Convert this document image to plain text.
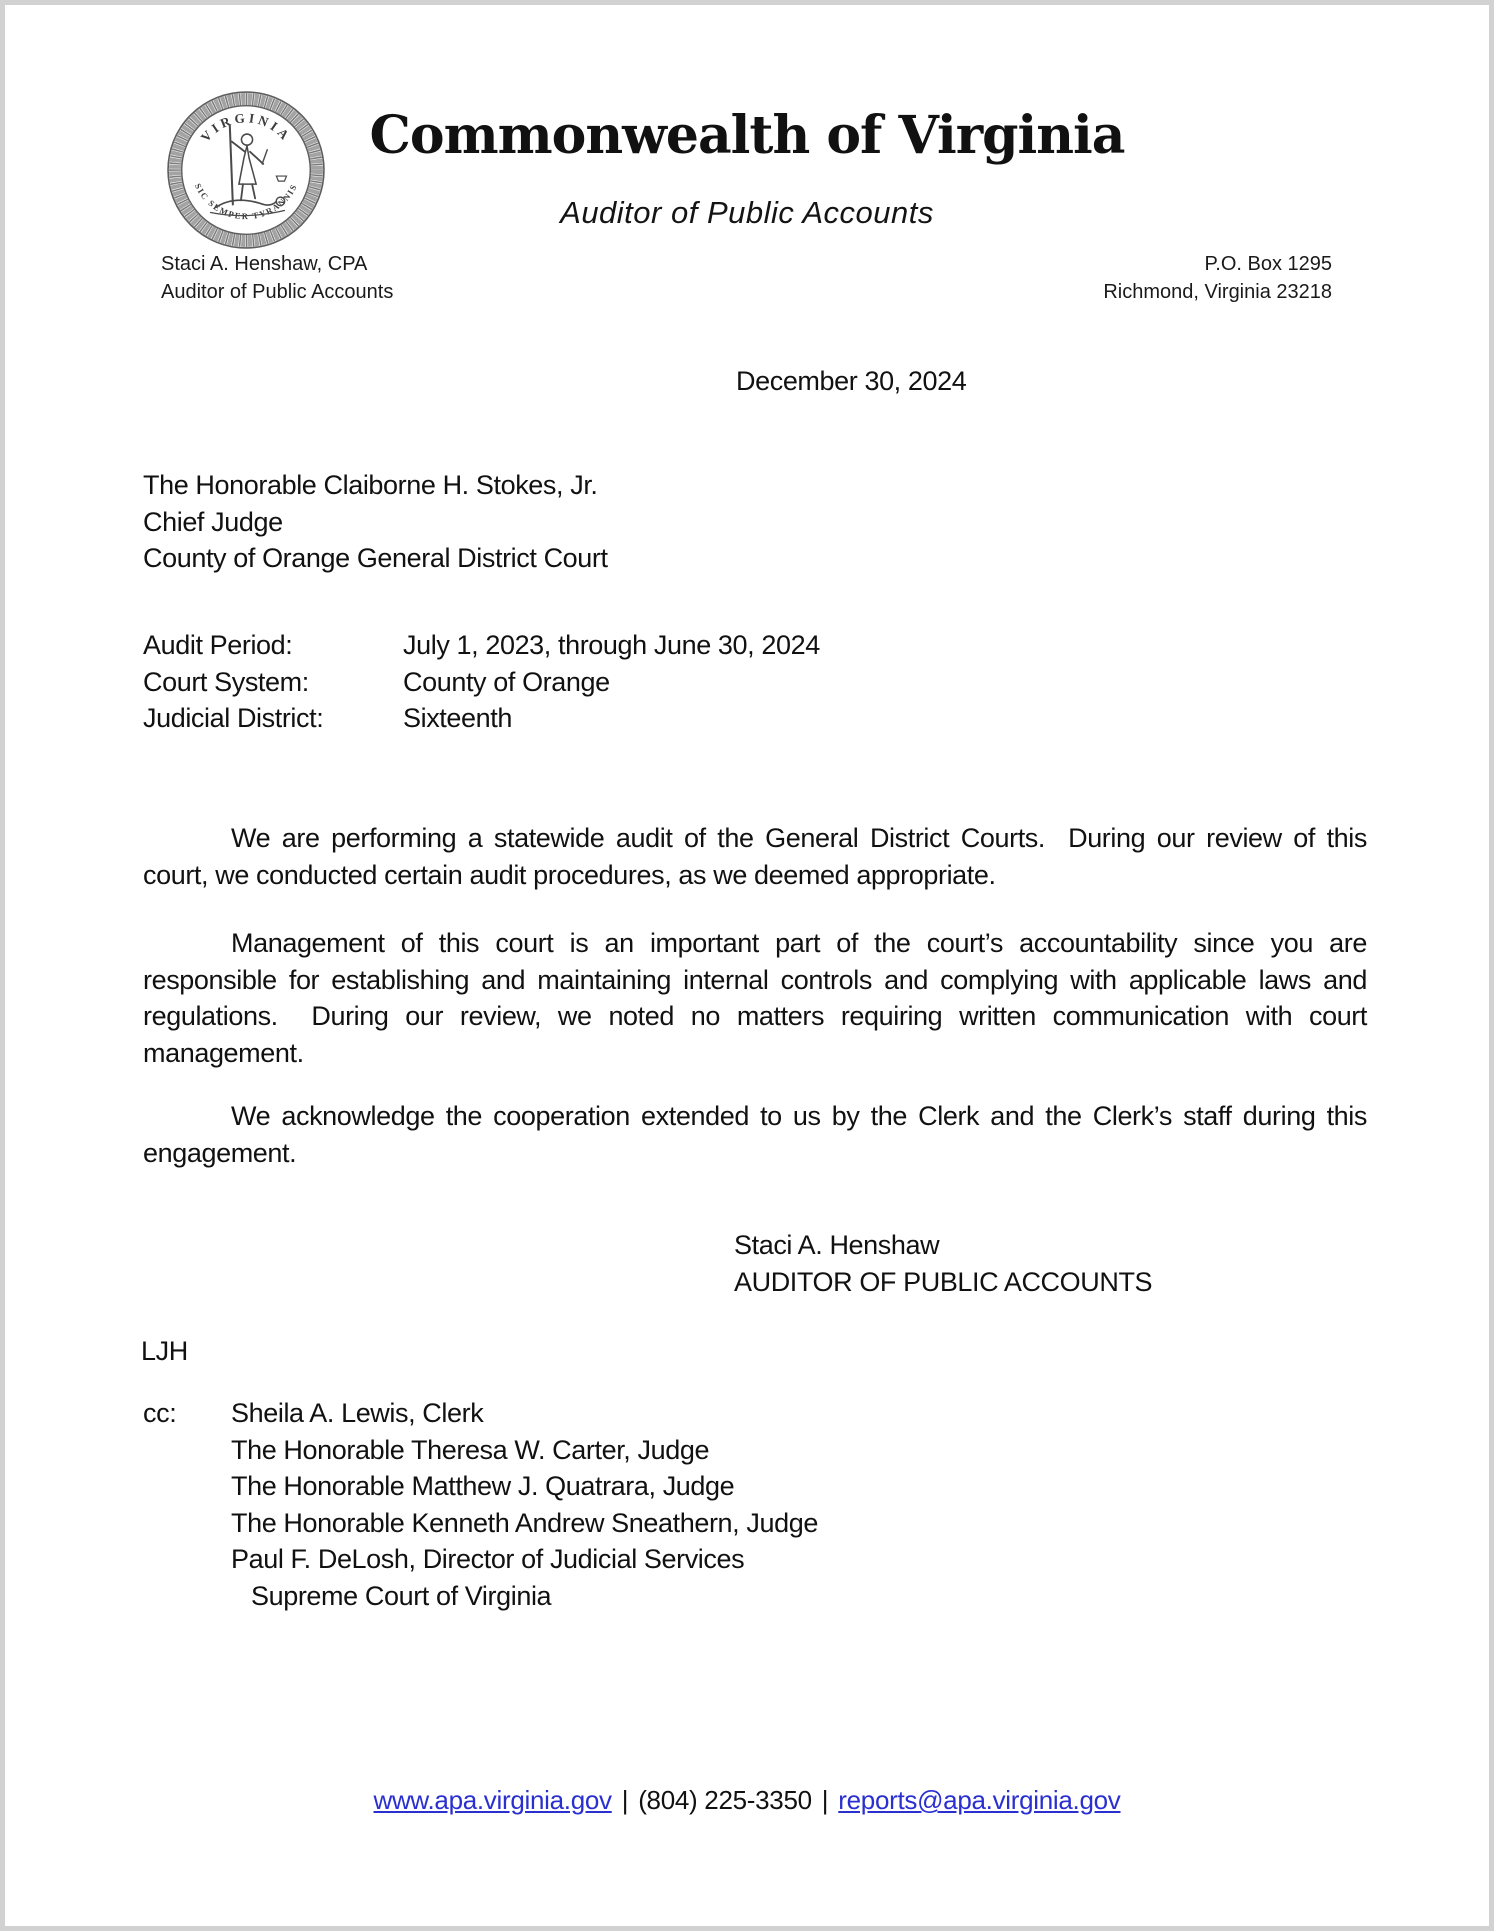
VIRGINIA
SIC SEMPER TYRANNIS
Commonwealth of Virginia
Auditor of Public Accounts
Staci A. Henshaw, CPA
Auditor of Public Accounts
P.O. Box 1295
Richmond, Virginia 23218
December 30, 2024
The Honorable Claiborne H. Stokes, Jr.
Chief Judge
County of Orange General District Court
Audit Period:	July 1, 2023, through June 30, 2024
Court System:	County of Orange
Judicial District:	Sixteenth

We are performing a statewide audit of the General District Courts.  During our review of this court, we conducted certain audit procedures, as we deemed appropriate.

Management of this court is an important part of the court’s accountability since you are responsible for establishing and maintaining internal controls and complying with applicable laws and regulations.  During our review, we noted no matters requiring written communication with court management.

We acknowledge the cooperation extended to us by the Clerk and the Clerk’s staff during this engagement.

Staci A. Henshaw
AUDITOR OF PUBLIC ACCOUNTS
LJH
cc:	Sheila A. Lewis, Clerk
The Honorable Theresa W. Carter, Judge
The Honorable Matthew J. Quatrara, Judge
The Honorable Kenneth Andrew Sneathern, Judge
Paul F. DeLosh, Director of Judicial Services
Supreme Court of Virginia
www.apa.virginia.gov | (804) 225-3350 | reports@apa.virginia.gov
